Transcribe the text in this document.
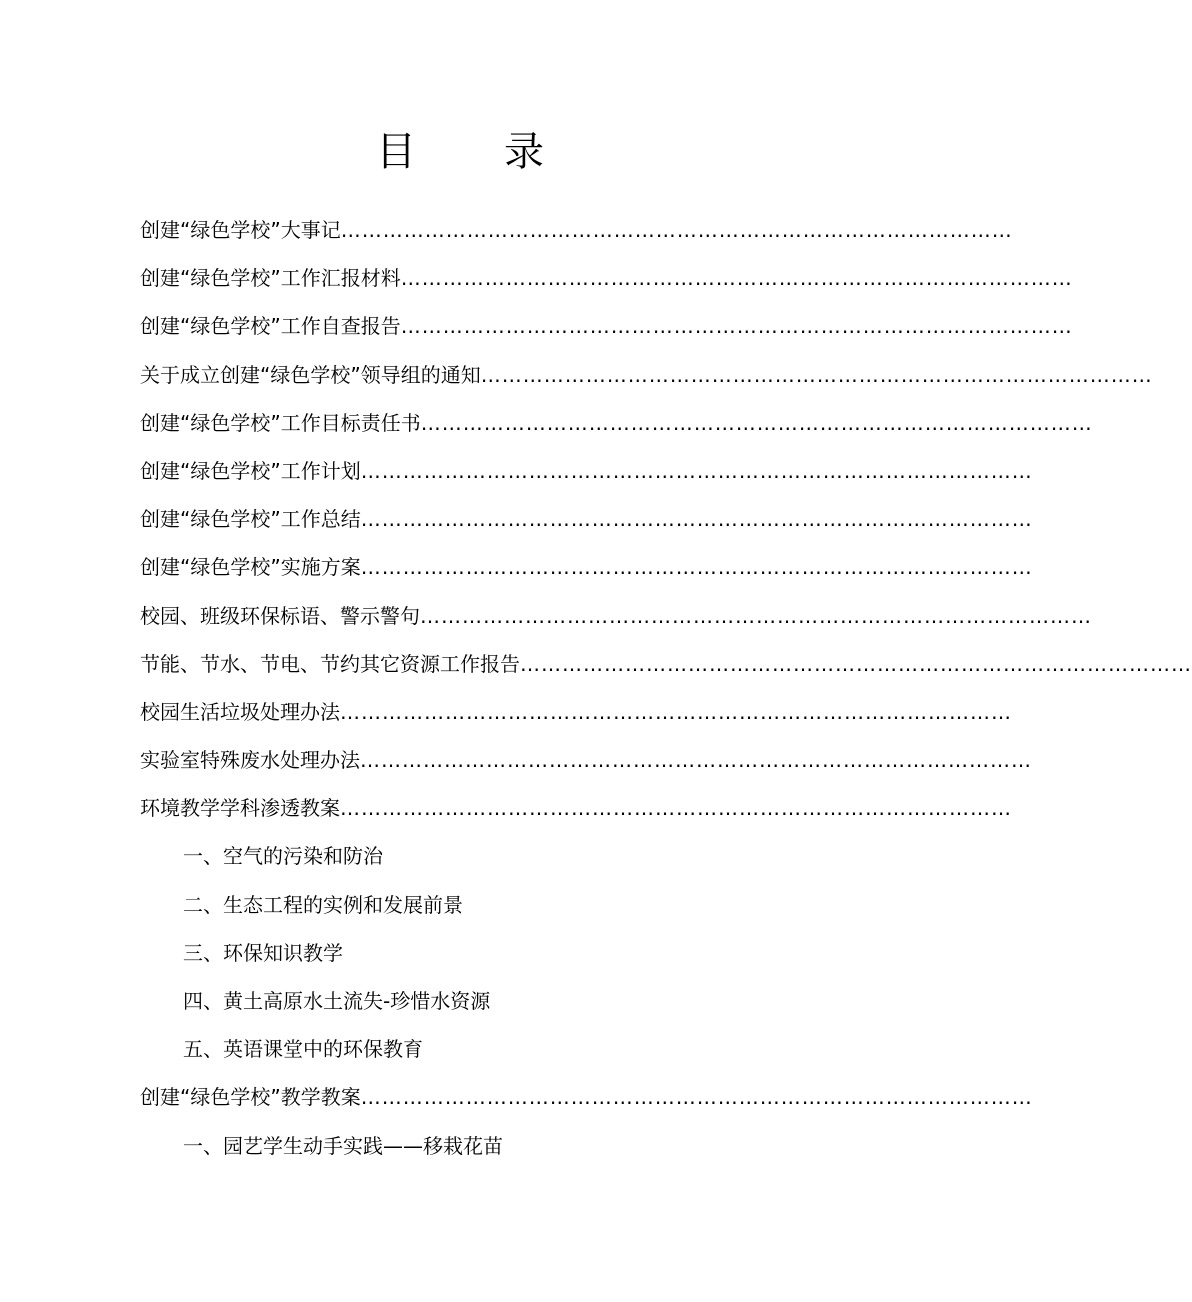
目 录
创建“绿色学校”大事记 ……………………………………………………………………………………
创建“绿色学校”工作汇报材料 ……………………………………………………………………………………
创建“绿色学校”工作自查报告 ……………………………………………………………………………………
关于成立创建“绿色学校”领导组的通知 ……………………………………………………………………………………
创建“绿色学校”工作目标责任书 ……………………………………………………………………………………
创建“绿色学校”工作计划 ……………………………………………………………………………………
创建“绿色学校”工作总结 ……………………………………………………………………………………
创建“绿色学校”实施方案 ……………………………………………………………………………………
校园、班级环保标语、警示警句 ……………………………………………………………………………………
节能、节水、节电、节约其它资源工作报告 ……………………………………………………………………………………
校园生活垃圾处理办法 ……………………………………………………………………………………
实验室特殊废水处理办法 ……………………………………………………………………………………
环境教学学科渗透教案 ……………………………………………………………………………………
一、空气的污染和防治
二、生态工程的实例和发展前景
三、环保知识教学
四、黄土高原水土流失-珍惜水资源
五、英语课堂中的环保教育
创建“绿色学校”教学教案 ……………………………………………………………………………………
一、园艺学生动手实践——移栽花苗
